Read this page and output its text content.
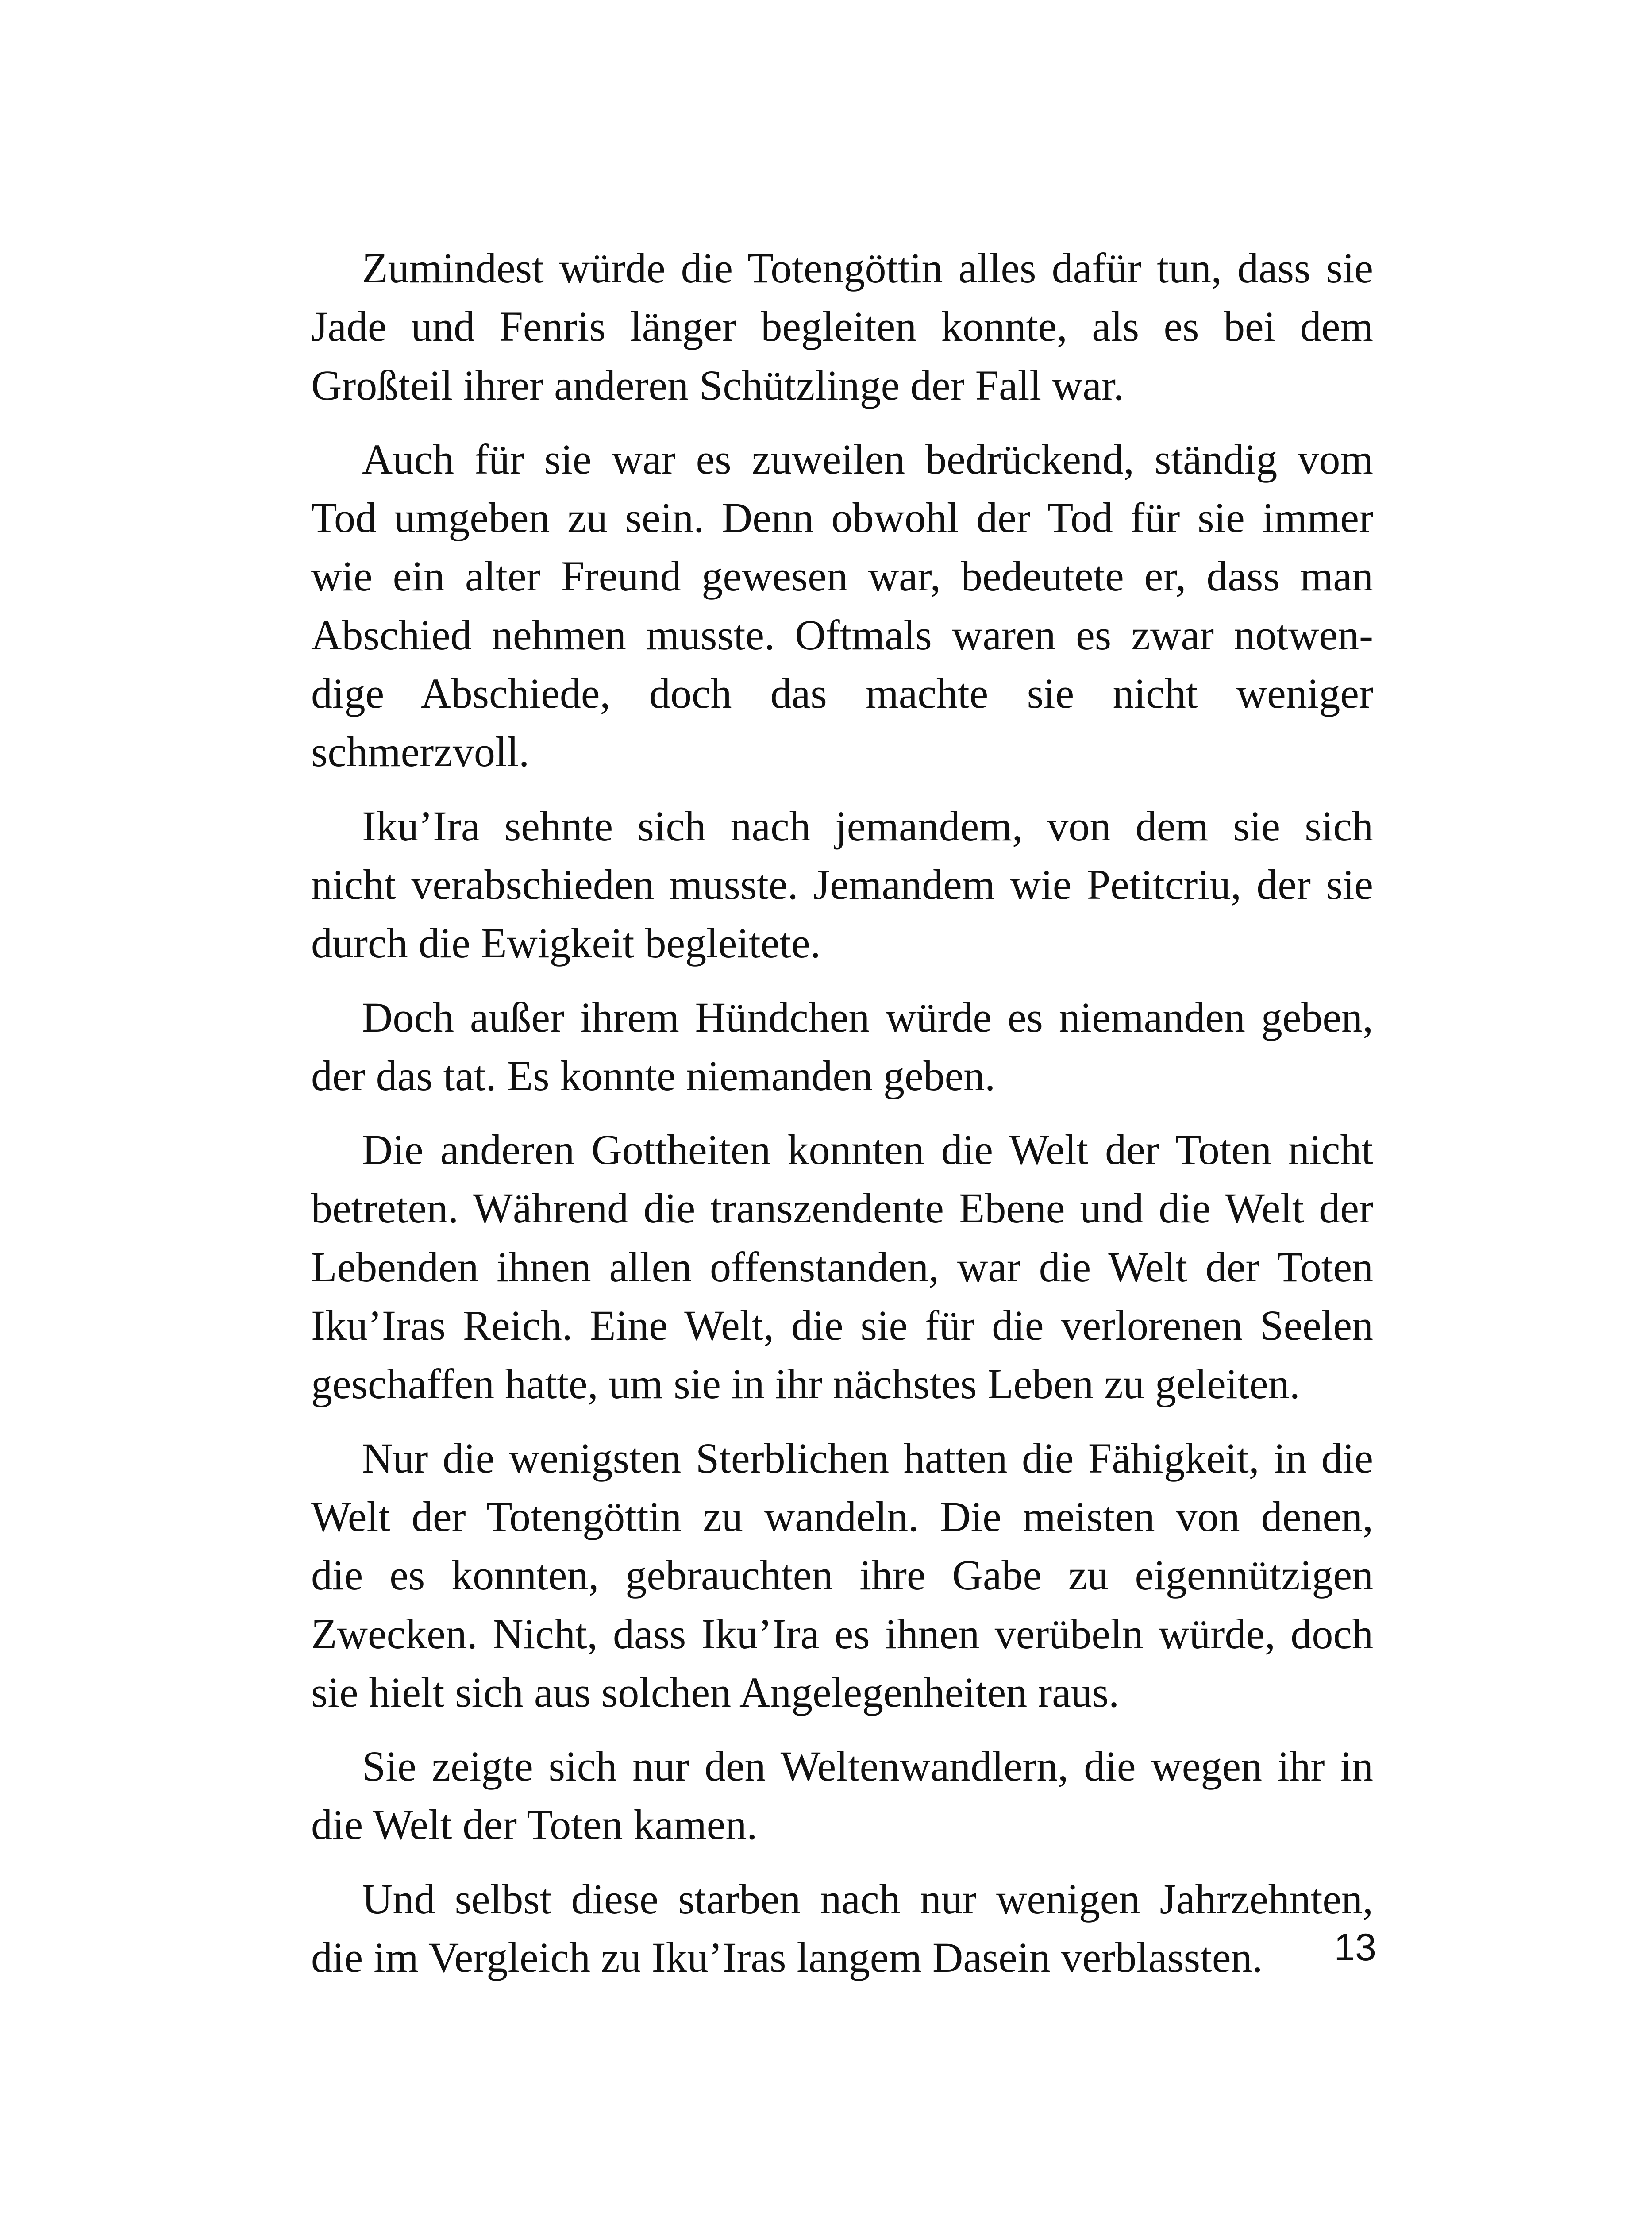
Zumindest würde die Totengöttin alles dafür tun, dass sie
Jade und Fenris länger begleiten konnte, als es bei dem
Großteil ihrer anderen Schützlinge der Fall war.
Auch für sie war es zuweilen bedrückend, ständig vom
Tod umgeben zu sein. Denn obwohl der Tod für sie immer
wie ein alter Freund gewesen war, bedeutete er, dass man
Abschied nehmen musste. Oftmals waren es zwar notwen-
dige Abschiede, doch das machte sie nicht weniger
schmerzvoll.
Iku’Ira sehnte sich nach jemandem, von dem sie sich
nicht verabschieden musste. Jemandem wie Petitcriu, der sie
durch die Ewigkeit begleitete.
Doch außer ihrem Hündchen würde es niemanden geben,
der das tat. Es konnte niemanden geben.
Die anderen Gottheiten konnten die Welt der Toten nicht
betreten. Während die transzendente Ebene und die Welt der
Lebenden ihnen allen offenstanden, war die Welt der Toten
Iku’Iras Reich. Eine Welt, die sie für die verlorenen Seelen
geschaffen hatte, um sie in ihr nächstes Leben zu geleiten.
Nur die wenigsten Sterblichen hatten die Fähigkeit, in die
Welt der Totengöttin zu wandeln. Die meisten von denen,
die es konnten, gebrauchten ihre Gabe zu eigennützigen
Zwecken. Nicht, dass Iku’Ira es ihnen verübeln würde, doch
sie hielt sich aus solchen Angelegenheiten raus.
Sie zeigte sich nur den Weltenwandlern, die wegen ihr in
die Welt der Toten kamen.
Und selbst diese starben nach nur wenigen Jahrzehnten,
die im Vergleich zu Iku’Iras langem Dasein verblassten.	13
